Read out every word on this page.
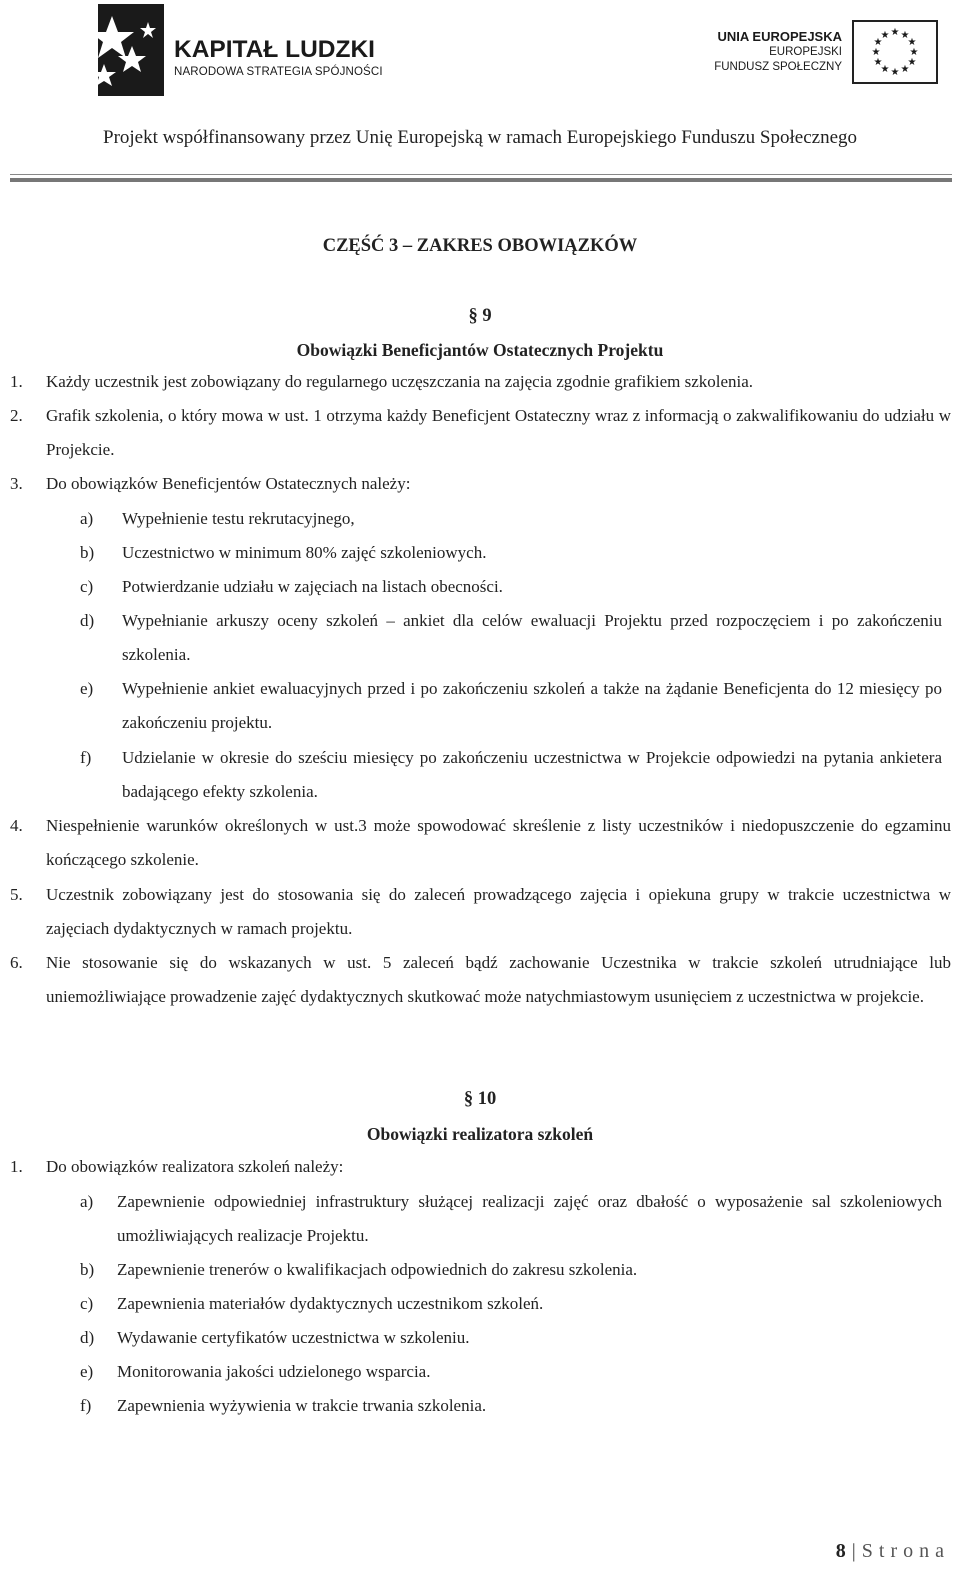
KAPITAŁ LUDZKI
NARODOWA STRATEGIA SPÓJNOŚCI
UNIA EUROPEJSKA
EUROPEJSKI
FUNDUSZ SPOŁECZNY
★ ★
★
★
★
★
★
★
★
★
★
★
Projekt współfinansowany przez Unię Europejską w ramach Europejskiego Funduszu Społecznego
CZĘŚĆ 3 – ZAKRES OBOWIĄZKÓW
§ 9
Obowiązki Beneficjantów Ostatecznych Projektu
1.	Każdy uczestnik jest zobowiązany do regularnego uczęszczania na zajęcia zgodnie grafikiem szkolenia.
2.	Grafik szkolenia, o który mowa w ust. 1 otrzyma każdy Beneficjent Ostateczny wraz z informacją o zakwalifikowaniu do udziału w Projekcie.
3.	Do obowiązków Beneficjentów Ostatecznych należy:
a)	Wypełnienie testu rekrutacyjnego,
b)	Uczestnictwo w minimum 80% zajęć szkoleniowych.
c)	Potwierdzanie udziału w zajęciach na listach obecności.
d)	Wypełnianie arkuszy oceny szkoleń – ankiet dla celów ewaluacji Projektu przed rozpoczęciem i po zakończeniu szkolenia.
e)	Wypełnienie ankiet ewaluacyjnych przed i po zakończeniu szkoleń a także na żądanie Beneficjenta do 12 miesięcy po zakończeniu projektu.
f)	Udzielanie w okresie do sześciu miesięcy po zakończeniu uczestnictwa w Projekcie odpowiedzi na pytania ankietera badającego efekty szkolenia.
4.	Niespełnienie warunków określonych w ust.3 może spowodować skreślenie z listy uczestników i niedopuszczenie do egzaminu kończącego szkolenie.
5.	Uczestnik zobowiązany jest do stosowania się do zaleceń prowadzącego zajęcia i opiekuna grupy w trakcie uczestnictwa w zajęciach dydaktycznych w ramach projektu.
6.	Nie stosowanie się do wskazanych w ust. 5 zaleceń bądź zachowanie Uczestnika w trakcie szkoleń utrudniające lub uniemożliwiające prowadzenie zajęć dydaktycznych skutkować może natychmiastowym usunięciem z uczestnictwa w projekcie.
§ 10
Obowiązki realizatora szkoleń
1.	Do obowiązków realizatora szkoleń należy:
a)	Zapewnienie odpowiedniej infrastruktury służącej realizacji zajęć oraz dbałość o wyposażenie sal szkoleniowych umożliwiających realizacje Projektu.
b)	Zapewnienie trenerów o kwalifikacjach odpowiednich do zakresu szkolenia.
c)	Zapewnienia materiałów dydaktycznych uczestnikom szkoleń.
d)	Wydawanie certyfikatów uczestnictwa w szkoleniu.
e)	Monitorowania jakości udzielonego wsparcia.
f)	Zapewnienia wyżywienia w trakcie trwania szkolenia.
8 | Strona
